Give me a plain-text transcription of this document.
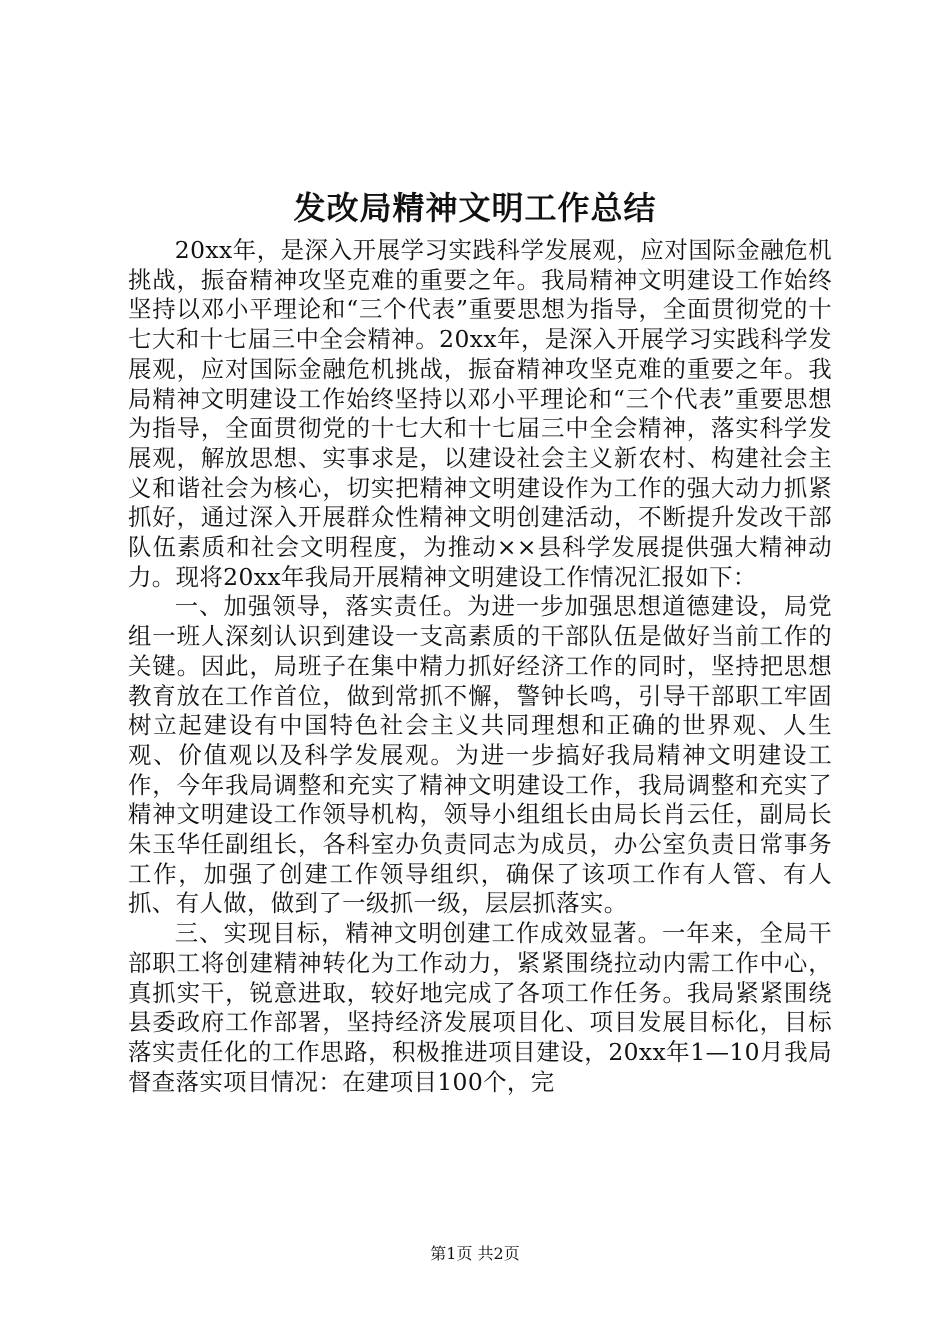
发改局精神文明工作总结

20xx年，是深入开展学习实践科学发展观，应对国际金融危机挑战，振奋精神攻坚克难的重要之年。我局精神文明建设工作始终坚持以邓小平理论和“三个代表”重要思想为指导，全面贯彻党的十七大和十七届三中全会精神。20xx年，是深入开展学习实践科学发展观，应对国际金融危机挑战，振奋精神攻坚克难的重要之年。我局精神文明建设工作始终坚持以邓小平理论和“三个代表”重要思想为指导，全面贯彻党的十七大和十七届三中全会精神，落实科学发展观，解放思想、实事求是，以建设社会主义新农村、构建社会主义和谐社会为核心，切实把精神文明建设作为工作的强大动力抓紧抓好，通过深入开展群众性精神文明创建活动，不断提升发改干部队伍素质和社会文明程度，为推动××县科学发展提供强大精神动力。现将20xx年我局开展精神文明建设工作情况汇报如下：

一、加强领导，落实责任。为进一步加强思想道德建设，局党组一班人深刻认识到建设一支高素质的干部队伍是做好当前工作的关键。因此，局班子在集中精力抓好经济工作的同时，坚持把思想教育放在工作首位，做到常抓不懈，警钟长鸣，引导干部职工牢固树立起建设有中国特色社会主义共同理想和正确的世界观、人生观、价值观以及科学发展观。为进一步搞好我局精神文明建设工作，今年我局调整和充实了精神文明建设工作，我局调整和充实了精神文明建设工作领导机构，领导小组组长由局长肖云任，副局长朱玉华任副组长，各科室办负责同志为成员，办公室负责日常事务工作，加强了创建工作领导组织，确保了该项工作有人管、有人抓、有人做，做到了一级抓一级，层层抓落实。

三、实现目标，精神文明创建工作成效显著。一年来，全局干部职工将创建精神转化为工作动力，紧紧围绕拉动内需工作中心，真抓实干，锐意进取，较好地完成了各项工作任务。我局紧紧围绕县委政府工作部署，坚持经济发展项目化、项目发展目标化，目标落实责任化的工作思路，积极推进项目建设，20xx年1—10月我局督查落实项目情况：在建项目100个，完

第1页 共2页
